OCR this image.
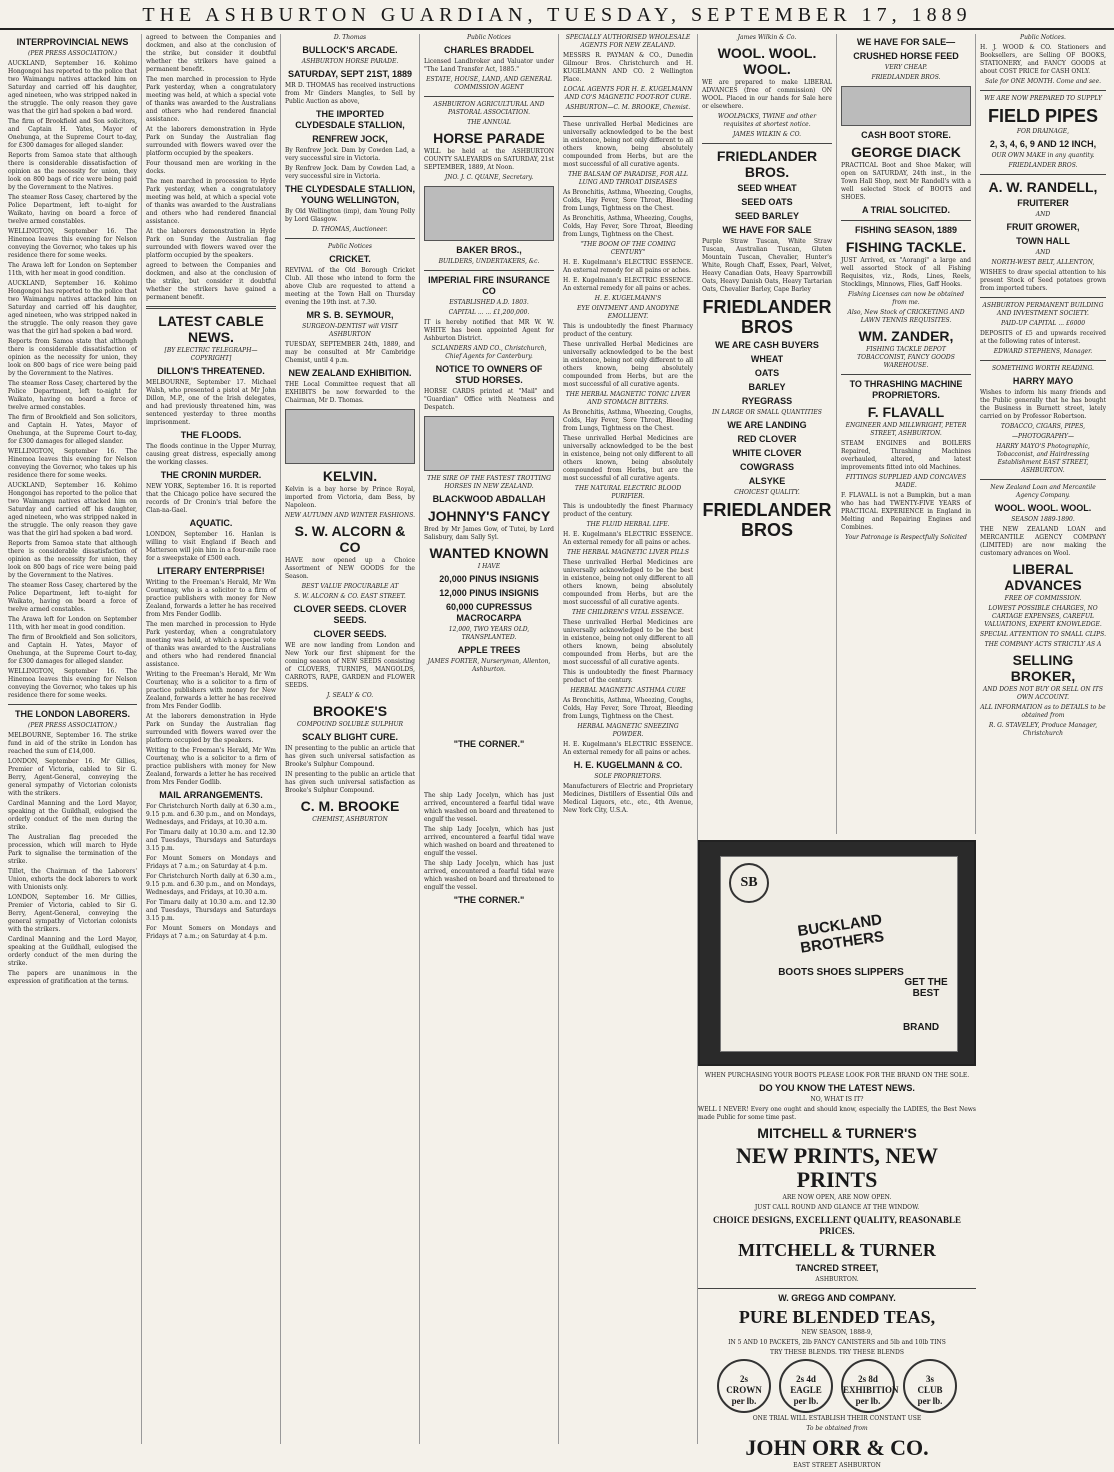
THE ASHBURTON GUARDIAN, TUESDAY, SEPTEMBER 17, 1889
INTERPROVINCIAL NEWS
(PER PRESS ASSOCIATION.)

AUCKLAND, September 16. Kohimo Hongongoi has reported to the police that two Waimangu natives attacked him on Saturday and carried off his daughter, aged nineteen, who was stripped naked in the struggle. The only reason they gave was that the girl had spoken a bad word.

The firm of Brookfield and Son solicitors, and Captain H. Yates, Mayor of Onehunga, at the Supreme Court to-day, for £300 damages for alleged slander.

Reports from Samoa state that although there is considerable dissatisfaction of opinion as the necessity for union, they look on 800 bags of rice were being paid by the Government to the Natives.

The steamer Ross Casey, chartered by the Police Department, left to-night for Waikato, having on board a force of twelve armed constables.

WELLINGTON, September 16. The Hinemoa leaves this evening for Nelson conveying the Governor, who takes up his residence there for some weeks.

The Arawa left for London on September 11th, with her meat in good condition.

AUCKLAND, September 16. Kohimo Hongongoi has reported to the police that two Waimangu natives attacked him on Saturday and carried off his daughter, aged nineteen, who was stripped naked in the struggle. The only reason they gave was that the girl had spoken a bad word.

Reports from Samoa state that although there is considerable dissatisfaction of opinion as the necessity for union, they look on 800 bags of rice were being paid by the Government to the Natives.

The steamer Ross Casey, chartered by the Police Department, left to-night for Waikato, having on board a force of twelve armed constables.

The firm of Brookfield and Son solicitors, and Captain H. Yates, Mayor of Onehunga, at the Supreme Court to-day, for £300 damages for alleged slander.

WELLINGTON, September 16. The Hinemoa leaves this evening for Nelson conveying the Governor, who takes up his residence there for some weeks.

AUCKLAND, September 16. Kohimo Hongongoi has reported to the police that two Waimangu natives attacked him on Saturday and carried off his daughter, aged nineteen, who was stripped naked in the struggle. The only reason they gave was that the girl had spoken a bad word.

Reports from Samoa state that although there is considerable dissatisfaction of opinion as the necessity for union, they look on 800 bags of rice were being paid by the Government to the Natives.

The steamer Ross Casey, chartered by the Police Department, left to-night for Waikato, having on board a force of twelve armed constables.

The Arawa left for London on September 11th, with her meat in good condition.

The firm of Brookfield and Son solicitors, and Captain H. Yates, Mayor of Onehunga, at the Supreme Court to-day, for £300 damages for alleged slander.

WELLINGTON, September 16. The Hinemoa leaves this evening for Nelson conveying the Governor, who takes up his residence there for some weeks.

THE LONDON LABORERS.
(PER PRESS ASSOCIATION.)

MELBOURNE, September 16. The strike fund in aid of the strike in London has reached the sum of £14,000.

LONDON, September 16. Mr Gillies, Premier of Victoria, cabled to Sir G. Berry, Agent-General, conveying the general sympathy of Victorian colonists with the strikers.

Cardinal Manning and the Lord Mayor, speaking at the Guildhall, eulogised the orderly conduct of the men during the strike.

The Australian flag preceded the procession, which will march to Hyde Park to signalise the termination of the strike.

Tillet, the Chairman of the Laborers' Union, exhorts the dock laborers to work with Unionists only.

LONDON, September 16. Mr Gillies, Premier of Victoria, cabled to Sir G. Berry, Agent-General, conveying the general sympathy of Victorian colonists with the strikers.

Cardinal Manning and the Lord Mayor, speaking at the Guildhall, eulogised the orderly conduct of the men during the strike.

The papers are unanimous in the expression of gratification at the terms.

agreed to between the Companies and dockmen, and also at the conclusion of the strike, but consider it doubtful whether the strikers have gained a permanent benefit.

The men marched in procession to Hyde Park yesterday, when a congratulatory meeting was held, at which a special vote of thanks was awarded to the Australians and others who had rendered financial assistance.

At the laborers demonstration in Hyde Park on Sunday the Australian flag surrounded with flowers waved over the platform occupied by the speakers.

Four thousand men are working in the docks.

The men marched in procession to Hyde Park yesterday, when a congratulatory meeting was held, at which a special vote of thanks was awarded to the Australians and others who had rendered financial assistance.

At the laborers demonstration in Hyde Park on Sunday the Australian flag surrounded with flowers waved over the platform occupied by the speakers.

agreed to between the Companies and dockmen, and also at the conclusion of the strike, but consider it doubtful whether the strikers have gained a permanent benefit.

LATEST CABLE NEWS.
[BY ELECTRIC TELEGRAPH—COPYRIGHT]
DILLON'S THREATENED.

MELBOURNE, September 17. Michael Walsh, who presented a pistol at Mr John Dillon, M.P., one of the Irish delegates, and had previously threatened him, was sentenced yesterday to three months imprisonment.

THE FLOODS.

The floods continue in the Upper Murray, causing great distress, especially among the working classes.

THE CRONIN MURDER.

NEW YORK, September 16. It is reported that the Chicago police have secured the records of Dr Cronin's trial before the Clan-na-Gael.

AQUATIC.

LONDON, September 16. Hanlan is willing to visit England if Beach and Matterson will join him in a four-mile race for a sweepstake of £500 each.

LITERARY ENTERPRISE!

Writing to the Freeman's Herald, Mr Wm Courtenay, who is a solicitor to a firm of practice publishers with money for New Zealand, forwards a letter he has received from Mrs Fender Godlib.

The men marched in procession to Hyde Park yesterday, when a congratulatory meeting was held, at which a special vote of thanks was awarded to the Australians and others who had rendered financial assistance.

Writing to the Freeman's Herald, Mr Wm Courtenay, who is a solicitor to a firm of practice publishers with money for New Zealand, forwards a letter he has received from Mrs Fender Godlib.

At the laborers demonstration in Hyde Park on Sunday the Australian flag surrounded with flowers waved over the platform occupied by the speakers.

Writing to the Freeman's Herald, Mr Wm Courtenay, who is a solicitor to a firm of practice publishers with money for New Zealand, forwards a letter he has received from Mrs Fender Godlib.

MAIL ARRANGEMENTS.

For Christchurch North daily at 6.30 a.m., 9.15 p.m. and 6.30 p.m., and on Mondays, Wednesdays, and Fridays, at 10.30 a.m.

For Timaru daily at 10.30 a.m. and 12.30 and Tuesdays, Thursdays and Saturdays 3.15 p.m.

For Mount Somers on Mondays and Fridays at 7 a.m.; on Saturday at 4 p.m.

For Christchurch North daily at 6.30 a.m., 9.15 p.m. and 6.30 p.m., and on Mondays, Wednesdays, and Fridays, at 10.30 a.m.

For Timaru daily at 10.30 a.m. and 12.30 and Tuesdays, Thursdays and Saturdays 3.15 p.m.

For Mount Somers on Mondays and Fridays at 7 a.m.; on Saturday at 4 p.m.

D. Thomas
BULLOCK'S ARCADE.
ASHBURTON HORSE PARADE.
SATURDAY, SEPT 21ST, 1889

MR D. THOMAS has received instructions from Mr Ginders Mangles, to Sell by Public Auction as above,

THE IMPORTED CLYDESDALE STALLION,
RENFREW JOCK,

By Renfrew Jock. Dam by Cowden Lad, a very successful sire in Victoria.

By Renfrew Jock. Dam by Cowden Lad, a very successful sire in Victoria.

THE CLYDESDALE STALLION, YOUNG WELLINGTON,

By Old Wellington (imp), dam Young Polly by Lord Glasgow.

D. THOMAS, Auctioneer.
Public Notices
CRICKET.

REVIVAL of the Old Borough Cricket Club. All those who intend to form the above Club are requested to attend a meeting at the Town Hall on Thursday evening the 19th inst. at 7.30.

MR S. B. SEYMOUR,
SURGEON-DENTIST will VISIT ASHBURTON

TUESDAY, SEPTEMBER 24th, 1889, and may be consulted at Mr Cambridge Chemist, until 4 p.m.

NEW ZEALAND EXHIBITION.

THE Local Committee request that all EXHIBITS be now forwarded to the Chairman, Mr D. Thomas.

KELVIN.

Kelvin is a bay horse by Prince Royal, imported from Victoria, dam Bess, by Napoleon.

NEW AUTUMN AND WINTER FASHIONS.
S. W. ALCORN & CO

HAVE now opened up a Choice Assortment of NEW GOODS for the Season.

BEST VALUE PROCURABLE AT
S. W. ALCORN & CO. EAST STREET.
CLOVER SEEDS. CLOVER SEEDS.
CLOVER SEEDS.

WE are now landing from London and New York our first shipment for the coming season of NEW SEEDS consisting of CLOVERS, TURNIPS, MANGOLDS, CARROTS, RAPE, GARDEN and FLOWER SEEDS.

J. SEALY & CO.
BROOKE'S
COMPOUND SOLUBLE SULPHUR
SCALY BLIGHT CURE.

IN presenting to the public an article that has given such universal satisfaction as Brooke's Sulphur Compound.

IN presenting to the public an article that has given such universal satisfaction as Brooke's Sulphur Compound.

C. M. BROOKE
CHEMIST, ASHBURTON
Public Notices
CHARLES BRADDEL

Licensed Landbroker and Valuator under "The Land Transfer Act, 1885."

ESTATE, HOUSE, LAND, AND GENERAL COMMISSION AGENT
ASHBURTON AGRICULTURAL AND PASTORAL ASSOCIATION.
THE ANNUAL
HORSE PARADE

WILL be held at the ASHBURTON COUNTY SALEYARDS on SATURDAY, 21st SEPTEMBER, 1889, At Noon.

JNO. J. C. QUANE, Secretary.
BAKER BROS.,
BUILDERS, UNDERTAKERS, &c.
IMPERIAL FIRE INSURANCE CO
ESTABLISHED A.D. 1803.
CAPITAL ... ... £1,200,000.

IT is hereby notified that MR W. W. WHITE has been appointed Agent for Ashburton District.

SCLANDERS AND CO., Christchurch, Chief Agents for Canterbury.
NOTICE TO OWNERS OF STUD HORSES.

HORSE CARDS printed at "Mail" and "Guardian" Office with Neatness and Despatch.

THE SIRE OF THE FASTEST TROTTING HORSES IN NEW ZEALAND.
BLACKWOOD ABDALLAH
JOHNNY'S FANCY

Bred by Mr James Gow, of Tutei, by Lord Salisbury, dam Sally Syl.

WANTED KNOWN
I HAVE
20,000 PINUS INSIGNIS
12,000 PINUS INSIGNIS
60,000 CUPRESSUS MACROCARPA
12,000, TWO YEARS OLD, TRANSPLANTED.
APPLE TREES
JAMES FORTER, Nurseryman, Allenton, Ashburton.
"THE CORNER."

The ship Lady Jocelyn, which has just arrived, encountered a fearful tidal wave which washed on board and threatened to engulf the vessel.

The ship Lady Jocelyn, which has just arrived, encountered a fearful tidal wave which washed on board and threatened to engulf the vessel.

The ship Lady Jocelyn, which has just arrived, encountered a fearful tidal wave which washed on board and threatened to engulf the vessel.

"THE CORNER."
SPECIALLY AUTHORISED WHOLESALE AGENTS FOR NEW ZEALAND.

MESSRS R. PAYMAN & CO., Dunedin Gilmour Bros. Christchurch and H. KUGELMANN AND CO. 2 Wellington Place.

LOCAL AGENTS FOR H. E. KUGELMANN AND CO'S MAGNETIC FOOT-ROT CURE.
ASHBURTON—C. M. BROOKE, Chemist.

These unrivalled Herbal Medicines are universally acknowledged to be the best in existence, being not only different to all others known, being absolutely compounded from Herbs, but are the most successful of all curative agents.

THE BALSAM OF PARADISE, FOR ALL LUNG AND THROAT DISEASES

As Bronchitis, Asthma, Wheezing, Coughs, Colds, Hay Fever, Sore Throat, Bleeding from Lungs, Tightness on the Chest.

As Bronchitis, Asthma, Wheezing, Coughs, Colds, Hay Fever, Sore Throat, Bleeding from Lungs, Tightness on the Chest.

"THE BOOM OF THE COMING CENTURY"

H. E. Kugelmann's ELECTRIC ESSENCE. An external remedy for all pains or aches.

H. E. Kugelmann's ELECTRIC ESSENCE. An external remedy for all pains or aches.

H. E. KUGELMANN'S
EYE OINTMENT AND ANODYNE EMOLLIENT.

This is undoubtedly the finest Pharmacy product of the century.

These unrivalled Herbal Medicines are universally acknowledged to be the best in existence, being not only different to all others known, being absolutely compounded from Herbs, but are the most successful of all curative agents.

THE HERBAL MAGNETIC TONIC LIVER AND STOMACH BITTERS.

As Bronchitis, Asthma, Wheezing, Coughs, Colds, Hay Fever, Sore Throat, Bleeding from Lungs, Tightness on the Chest.

These unrivalled Herbal Medicines are universally acknowledged to be the best in existence, being not only different to all others known, being absolutely compounded from Herbs, but are the most successful of all curative agents.

THE NATURAL ELECTRIC BLOOD PURIFIER.

This is undoubtedly the finest Pharmacy product of the century.

THE FLUID HERBAL LIFE.

H. E. Kugelmann's ELECTRIC ESSENCE. An external remedy for all pains or aches.

THE HERBAL MAGNETIC LIVER PILLS

These unrivalled Herbal Medicines are universally acknowledged to be the best in existence, being not only different to all others known, being absolutely compounded from Herbs, but are the most successful of all curative agents.

THE CHILDREN'S VITAL ESSENCE.

These unrivalled Herbal Medicines are universally acknowledged to be the best in existence, being not only different to all others known, being absolutely compounded from Herbs, but are the most successful of all curative agents.

This is undoubtedly the finest Pharmacy product of the century.

HERBAL MAGNETIC ASTHMA CURE

As Bronchitis, Asthma, Wheezing, Coughs, Colds, Hay Fever, Sore Throat, Bleeding from Lungs, Tightness on the Chest.

HERBAL MAGNETIC SNEEZING POWDER.

H. E. Kugelmann's ELECTRIC ESSENCE. An external remedy for all pains or aches.

H. E. KUGELMANN & CO.
SOLE PROPRIETORS.

Manufacturers of Electric and Proprietary Medicines, Distillers of Essential Oils and Medical Liquors, etc., etc., 4th Avenue, New York City, U.S.A.

James Wilkin & Co.
WOOL. WOOL. WOOL.

WE are prepared to make LIBERAL ADVANCES (free of commission) ON WOOL. Placed in our hands for Sale here or elsewhere.

WOOLPACKS, TWINE and other requisites at shortest notice.
JAMES WILKIN & CO.
FRIEDLANDER BROS.
SEED WHEAT
SEED OATS
SEED BARLEY
WE HAVE FOR SALE

Purple Straw Tuscan, White Straw Tuscan, Australian Tuscan, Gluten Mountain Tuscan, Chevalier, Hunter's White, Rough Chaff, Essex, Pearl, Velvet, Heavy Canadian Oats, Heavy Sparrowbill Oats, Heavy Danish Oats, Heavy Tartarian Oats, Chevalier Barley, Cape Barley

FRIEDLANDER BROS
WE ARE CASH BUYERS
WHEAT
OATS
BARLEY
RYEGRASS
IN LARGE OR SMALL QUANTITIES
WE ARE LANDING
RED CLOVER
WHITE CLOVER
COWGRASS
ALSYKE
CHOICEST QUALITY.
FRIEDLANDER BROS
WE HAVE FOR SALE—
CRUSHED HORSE FEED
VERY CHEAP.
FRIEDLANDER BROS.
CASH BOOT STORE.
GEORGE DIACK

PRACTICAL Boot and Shoe Maker, will open on SATURDAY, 24th inst., in the Town Hall Shop, next Mr Randell's with a well selected Stock of BOOTS and SHOES.

A TRIAL SOLICITED.
FISHING SEASON, 1889
FISHING TACKLE.

JUST Arrived, ex "Aorangi" a large and well assorted Stock of all Fishing Requisites, viz., Rods, Lines, Reels, Stocklings, Minnows, Flies, Gaff Hooks.

Fishing Licenses can now be obtained from me.
Also, New Stock of CRICKETING AND LAWN TENNIS REQUISITES.
WM. ZANDER,
FISHING TACKLE DEPOT TOBACCONIST, FANCY GOODS WAREHOUSE.
TO THRASHING MACHINE PROPRIETORS.
F. FLAVALL
ENGINEER AND MILLWRIGHT, PETER STREET, ASHBURTON.

STEAM ENGINES and BOILERS Repaired, Thrashing Machines overhauled, altered, and latest improvements fitted into old Machines.

FITTINGS SUPPLIED AND CONCAVES MADE.

F. FLAVALL is not a Bumpkin, but a man who has had TWENTY-FIVE YEARS of PRACTICAL EXPERIENCE in England in Melting and Repairing Engines and Combines.

Your Patronage is Respectfully Solicited
Public Notices.

H. J. WOOD & CO. Stationers and Booksellers, are Selling OF BOOKS, STATIONERY, and FANCY GOODS at about COST PRICE for CASH ONLY.

Sale for ONE MONTH. Come and see.
WE ARE NOW PREPARED TO SUPPLY
FIELD PIPES
FOR DRAINAGE,
2, 3, 4, 6, 9 AND 12 INCH,
OUR OWN MAKE in any quantity.
FRIEDLANDER BROS.
A. W. RANDELL,
FRUITERER
AND
FRUIT GROWER,
TOWN HALL
AND
NORTH-WEST BELT, ALLENTON,

WISHES to draw special attention to his present Stock of Seed potatoes grown from imported tubers.

ASHBURTON PERMANENT BUILDING AND INVESTMENT SOCIETY.
PAID-UP CAPITAL ... £6000

DEPOSITS of £5 and upwards received at the following rates of interest.

EDWARD STEPHENS, Manager.
SOMETHING WORTH READING.
HARRY MAYO

Wishes to inform his many friends and the Public generally that he has bought the Business in Burnett street, lately carried on by Professor Robertson.

TOBACCO, CIGARS, PIPES,
—PHOTOGRAPHY—
HARRY MAYO'S Photographic, Tobacconist, and Hairdressing Establishment EAST STREET, ASHBURTON.
New Zealand Loan and Mercantile Agency Company.
WOOL. WOOL. WOOL.
SEASON 1889-1890.

THE NEW ZEALAND LOAN and MERCANTILE AGENCY COMPANY (LIMITED) are now making the customary advances on Wool.

LIBERAL ADVANCES
FREE OF COMMISSION.
LOWEST POSSIBLE CHARGES, NO CARTAGE EXPENSES, CAREFUL VALUATIONS, EXPERT KNOWLEDGE.
SPECIAL ATTENTION TO SMALL CLIPS.
THE COMPANY ACTS STRICTLY AS A
SELLING BROKER,
AND DOES NOT BUY OR SELL ON ITS OWN ACCOUNT.
ALL INFORMATION as to DETAILS to be obtained from
R. G. STAVELEY, Produce Manager, Christchurch
SB
BUCKLAND BROTHERS
BOOTS SHOES SLIPPERS
GET THE BEST
BRAND
WHEN PURCHASING YOUR BOOTS PLEASE LOOK FOR THE BRAND ON THE SOLE.
DO YOU KNOW THE LATEST NEWS.
NO, WHAT IS IT?

WELL I NEVER! Every one ought and should know, especially the LADIES, the Best News made Public for some time past.

MITCHELL & TURNER'S
NEW PRINTS, NEW PRINTS
ARE NOW OPEN, ARE NOW OPEN.
JUST CALL ROUND AND GLANCE AT THE WINDOW.
CHOICE DESIGNS, EXCELLENT QUALITY, REASONABLE PRICES.
MITCHELL & TURNER
TANCRED STREET,
ASHBURTON.
W. GREGG AND COMPANY.
PURE BLENDED TEAS,
NEW SEASON, 1888-9,
IN 5 AND 10 PACKETS, 2lb FANCY CANISTERS and 5lb and 10lb TINS
TRY THESE BLENDS. TRY THESE BLENDS
2s
CROWN
per lb.2s 4d
EAGLE
per lb.2s 8d
EXHIBITION
per lb.3s
CLUB
per lb.
ONE TRIAL WILL ESTABLISH THEIR CONSTANT USE
To be obtained from
JOHN ORR & CO.
EAST STREET ASHBURTON
